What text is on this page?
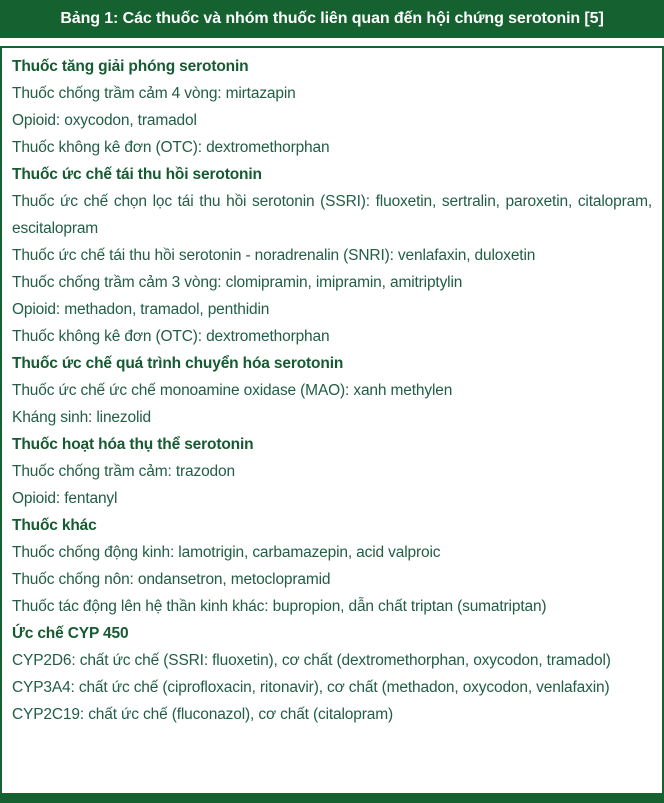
Bảng 1: Các thuốc và nhóm thuốc liên quan đến hội chứng serotonin [5]
Thuốc tăng giải phóng serotonin
Thuốc chống trầm cảm 4 vòng: mirtazapin
Opioid: oxycodon, tramadol
Thuốc không kê đơn (OTC): dextromethorphan
Thuốc ức chế tái thu hồi serotonin
Thuốc ức chế chọn lọc tái thu hồi serotonin (SSRI): fluoxetin, sertralin, paroxetin, citalopram, escitalopram
Thuốc ức chế tái thu hồi serotonin - noradrenalin (SNRI): venlafaxin, duloxetin
Thuốc chống trầm cảm 3 vòng: clomipramin, imipramin, amitriptylin
Opioid: methadon, tramadol, penthidin
Thuốc không kê đơn (OTC): dextromethorphan
Thuốc ức chế quá trình chuyển hóa serotonin
Thuốc ức chế ức chế monoamine oxidase (MAO): xanh methylen
Kháng sinh: linezolid
Thuốc hoạt hóa thụ thể serotonin
Thuốc chống trầm cảm: trazodon
Opioid: fentanyl
Thuốc khác
Thuốc chống động kinh: lamotrigin, carbamazepin, acid valproic
Thuốc chống nôn: ondansetron, metoclopramid
Thuốc tác động lên hệ thần kinh khác: bupropion, dẫn chất triptan (sumatriptan)
Ức chế CYP 450
CYP2D6: chất ức chế (SSRI: fluoxetin), cơ chất (dextromethorphan, oxycodon, tramadol)
CYP3A4: chất ức chế (ciprofloxacin, ritonavir), cơ chất (methadon, oxycodon, venlafaxin)
CYP2C19: chất ức chế (fluconazol), cơ chất (citalopram)
